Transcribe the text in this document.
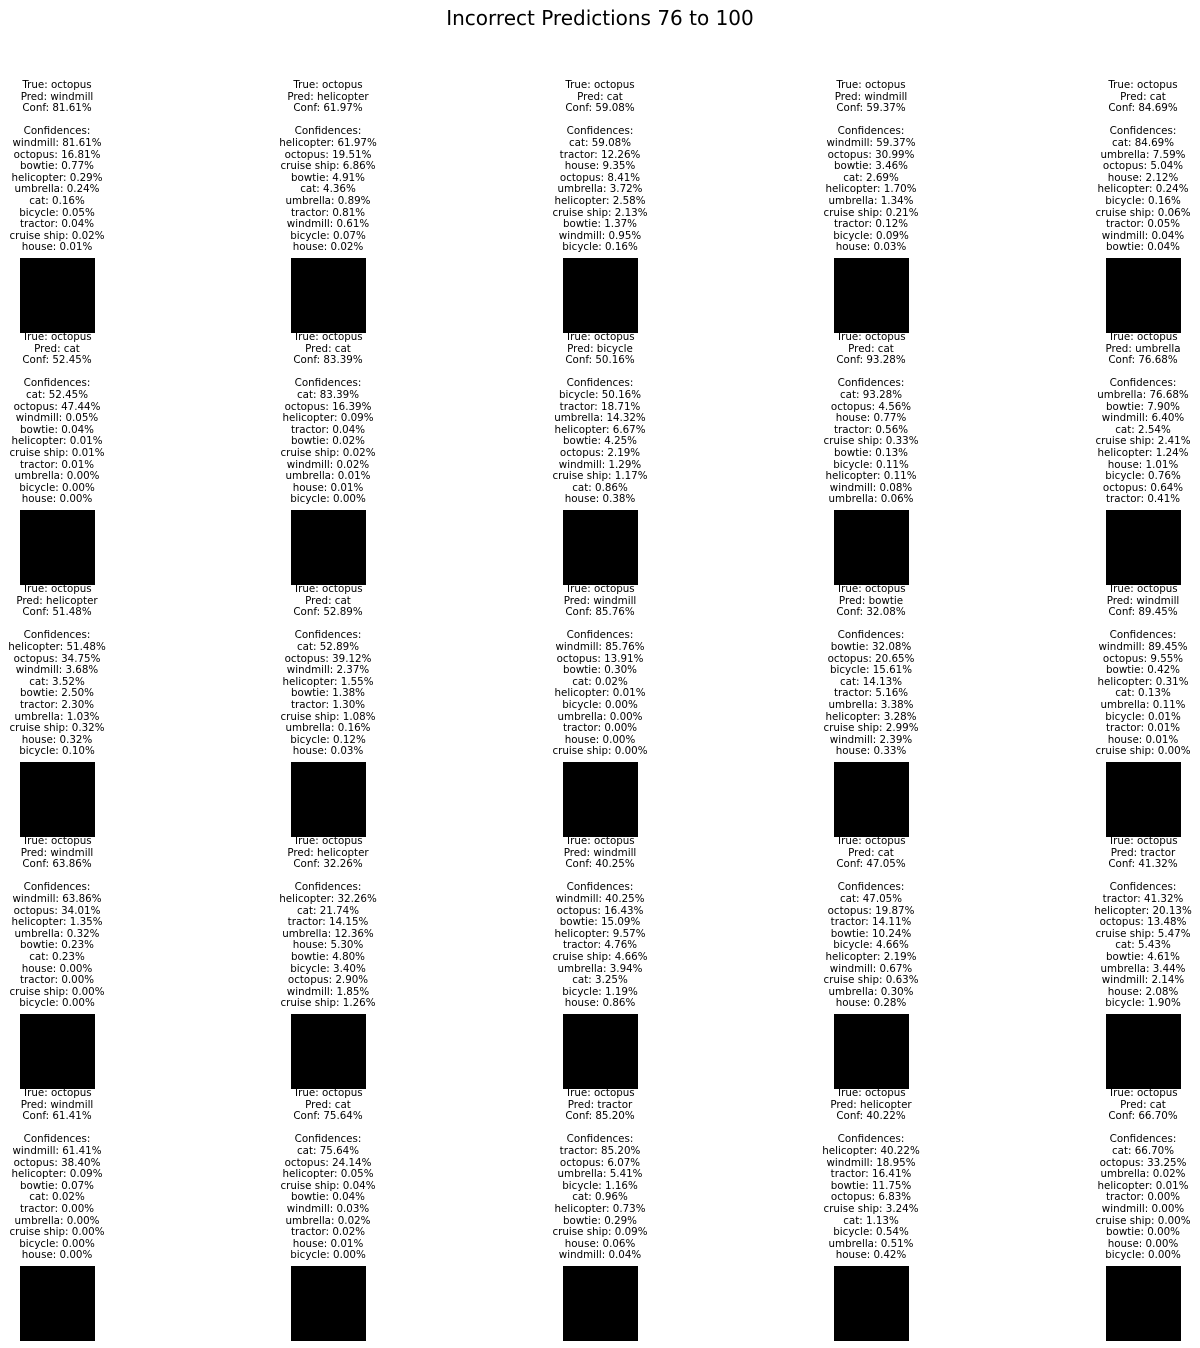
Incorrect Predictions 76 to 100
True: octopus
Pred: windmill
Conf: 81.61%
Confidences:
windmill: 81.61%
octopus: 16.81%
bowtie: 0.77%
helicopter: 0.29%
umbrella: 0.24%
cat: 0.16%
bicycle: 0.05%
tractor: 0.04%
cruise ship: 0.02%
house: 0.01%
True: octopus
Pred: helicopter
Conf: 61.97%
Confidences:
helicopter: 61.97%
octopus: 19.51%
cruise ship: 6.86%
bowtie: 4.91%
cat: 4.36%
umbrella: 0.89%
tractor: 0.81%
windmill: 0.61%
bicycle: 0.07%
house: 0.02%
True: octopus
Pred: cat
Conf: 59.08%
Confidences:
cat: 59.08%
tractor: 12.26%
house: 9.35%
octopus: 8.41%
umbrella: 3.72%
helicopter: 2.58%
cruise ship: 2.13%
bowtie: 1.37%
windmill: 0.95%
bicycle: 0.16%
True: octopus
Pred: windmill
Conf: 59.37%
Confidences:
windmill: 59.37%
octopus: 30.99%
bowtie: 3.46%
cat: 2.69%
helicopter: 1.70%
umbrella: 1.34%
cruise ship: 0.21%
tractor: 0.12%
bicycle: 0.09%
house: 0.03%
True: octopus
Pred: cat
Conf: 84.69%
Confidences:
cat: 84.69%
umbrella: 7.59%
octopus: 5.04%
house: 2.12%
helicopter: 0.24%
bicycle: 0.16%
cruise ship: 0.06%
tractor: 0.05%
windmill: 0.04%
bowtie: 0.04%
True: octopus
Pred: cat
Conf: 52.45%
Confidences:
cat: 52.45%
octopus: 47.44%
windmill: 0.05%
bowtie: 0.04%
helicopter: 0.01%
cruise ship: 0.01%
tractor: 0.01%
umbrella: 0.00%
bicycle: 0.00%
house: 0.00%
True: octopus
Pred: cat
Conf: 83.39%
Confidences:
cat: 83.39%
octopus: 16.39%
helicopter: 0.09%
tractor: 0.04%
bowtie: 0.02%
cruise ship: 0.02%
windmill: 0.02%
umbrella: 0.01%
house: 0.01%
bicycle: 0.00%
True: octopus
Pred: bicycle
Conf: 50.16%
Confidences:
bicycle: 50.16%
tractor: 18.71%
umbrella: 14.32%
helicopter: 6.67%
bowtie: 4.25%
octopus: 2.19%
windmill: 1.29%
cruise ship: 1.17%
cat: 0.86%
house: 0.38%
True: octopus
Pred: cat
Conf: 93.28%
Confidences:
cat: 93.28%
octopus: 4.56%
house: 0.77%
tractor: 0.56%
cruise ship: 0.33%
bowtie: 0.13%
bicycle: 0.11%
helicopter: 0.11%
windmill: 0.08%
umbrella: 0.06%
True: octopus
Pred: umbrella
Conf: 76.68%
Confidences:
umbrella: 76.68%
bowtie: 7.90%
windmill: 6.40%
cat: 2.54%
cruise ship: 2.41%
helicopter: 1.24%
house: 1.01%
bicycle: 0.76%
octopus: 0.64%
tractor: 0.41%
True: octopus
Pred: helicopter
Conf: 51.48%
Confidences:
helicopter: 51.48%
octopus: 34.75%
windmill: 3.68%
cat: 3.52%
bowtie: 2.50%
tractor: 2.30%
umbrella: 1.03%
cruise ship: 0.32%
house: 0.32%
bicycle: 0.10%
True: octopus
Pred: cat
Conf: 52.89%
Confidences:
cat: 52.89%
octopus: 39.12%
windmill: 2.37%
helicopter: 1.55%
bowtie: 1.38%
tractor: 1.30%
cruise ship: 1.08%
umbrella: 0.16%
bicycle: 0.12%
house: 0.03%
True: octopus
Pred: windmill
Conf: 85.76%
Confidences:
windmill: 85.76%
octopus: 13.91%
bowtie: 0.30%
cat: 0.02%
helicopter: 0.01%
bicycle: 0.00%
umbrella: 0.00%
tractor: 0.00%
house: 0.00%
cruise ship: 0.00%
True: octopus
Pred: bowtie
Conf: 32.08%
Confidences:
bowtie: 32.08%
octopus: 20.65%
bicycle: 15.61%
cat: 14.13%
tractor: 5.16%
umbrella: 3.38%
helicopter: 3.28%
cruise ship: 2.99%
windmill: 2.39%
house: 0.33%
True: octopus
Pred: windmill
Conf: 89.45%
Confidences:
windmill: 89.45%
octopus: 9.55%
bowtie: 0.42%
helicopter: 0.31%
cat: 0.13%
umbrella: 0.11%
bicycle: 0.01%
tractor: 0.01%
house: 0.01%
cruise ship: 0.00%
True: octopus
Pred: windmill
Conf: 63.86%
Confidences:
windmill: 63.86%
octopus: 34.01%
helicopter: 1.35%
umbrella: 0.32%
bowtie: 0.23%
cat: 0.23%
house: 0.00%
tractor: 0.00%
cruise ship: 0.00%
bicycle: 0.00%
True: octopus
Pred: helicopter
Conf: 32.26%
Confidences:
helicopter: 32.26%
cat: 21.74%
tractor: 14.15%
umbrella: 12.36%
house: 5.30%
bowtie: 4.80%
bicycle: 3.40%
octopus: 2.90%
windmill: 1.85%
cruise ship: 1.26%
True: octopus
Pred: windmill
Conf: 40.25%
Confidences:
windmill: 40.25%
octopus: 16.43%
bowtie: 15.09%
helicopter: 9.57%
tractor: 4.76%
cruise ship: 4.66%
umbrella: 3.94%
cat: 3.25%
bicycle: 1.19%
house: 0.86%
True: octopus
Pred: cat
Conf: 47.05%
Confidences:
cat: 47.05%
octopus: 19.87%
tractor: 14.11%
bowtie: 10.24%
bicycle: 4.66%
helicopter: 2.19%
windmill: 0.67%
cruise ship: 0.63%
umbrella: 0.30%
house: 0.28%
True: octopus
Pred: tractor
Conf: 41.32%
Confidences:
tractor: 41.32%
helicopter: 20.13%
octopus: 13.48%
cruise ship: 5.47%
cat: 5.43%
bowtie: 4.61%
umbrella: 3.44%
windmill: 2.14%
house: 2.08%
bicycle: 1.90%
True: octopus
Pred: windmill
Conf: 61.41%
Confidences:
windmill: 61.41%
octopus: 38.40%
helicopter: 0.09%
bowtie: 0.07%
cat: 0.02%
tractor: 0.00%
umbrella: 0.00%
cruise ship: 0.00%
bicycle: 0.00%
house: 0.00%
True: octopus
Pred: cat
Conf: 75.64%
Confidences:
cat: 75.64%
octopus: 24.14%
helicopter: 0.05%
cruise ship: 0.04%
bowtie: 0.04%
windmill: 0.03%
umbrella: 0.02%
tractor: 0.02%
house: 0.01%
bicycle: 0.00%
True: octopus
Pred: tractor
Conf: 85.20%
Confidences:
tractor: 85.20%
octopus: 6.07%
umbrella: 5.41%
bicycle: 1.16%
cat: 0.96%
helicopter: 0.73%
bowtie: 0.29%
cruise ship: 0.09%
house: 0.06%
windmill: 0.04%
True: octopus
Pred: helicopter
Conf: 40.22%
Confidences:
helicopter: 40.22%
windmill: 18.95%
tractor: 16.41%
bowtie: 11.75%
octopus: 6.83%
cruise ship: 3.24%
cat: 1.13%
bicycle: 0.54%
umbrella: 0.51%
house: 0.42%
True: octopus
Pred: cat
Conf: 66.70%
Confidences:
cat: 66.70%
octopus: 33.25%
umbrella: 0.02%
helicopter: 0.01%
tractor: 0.00%
windmill: 0.00%
cruise ship: 0.00%
bowtie: 0.00%
house: 0.00%
bicycle: 0.00%
